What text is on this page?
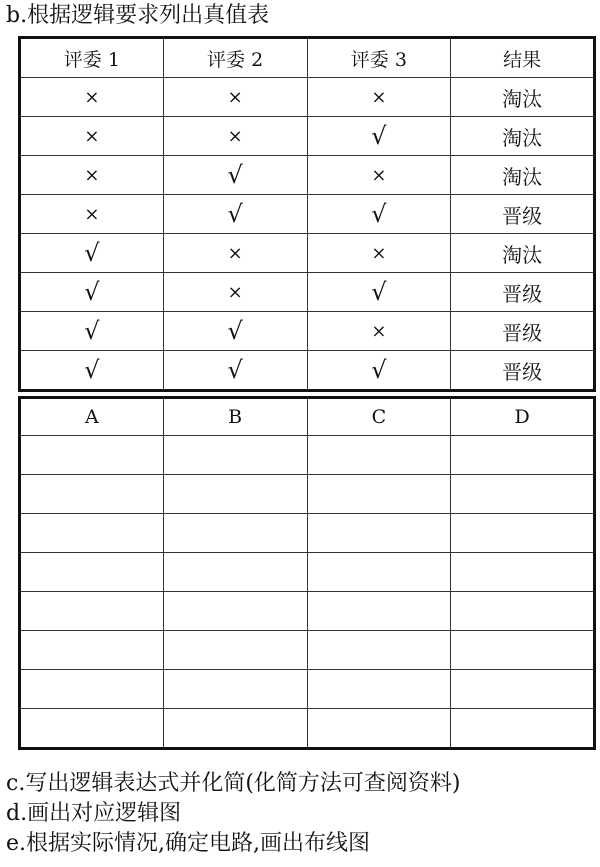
b.根据逻辑要求列出真值表
评委 1	评委 2	评委 3	结果
×	×	×	淘汰
×	×	√	淘汰
×	√	×	淘汰
×	√	√	晋级
√	×	×	淘汰
√	×	√	晋级
√	√	×	晋级
√	√	√	晋级
A	B	C	D

c.写出逻辑表达式并化简(化简方法可查阅资料)
d.画出对应逻辑图
e.根据实际情况,确定电路,画出布线图
